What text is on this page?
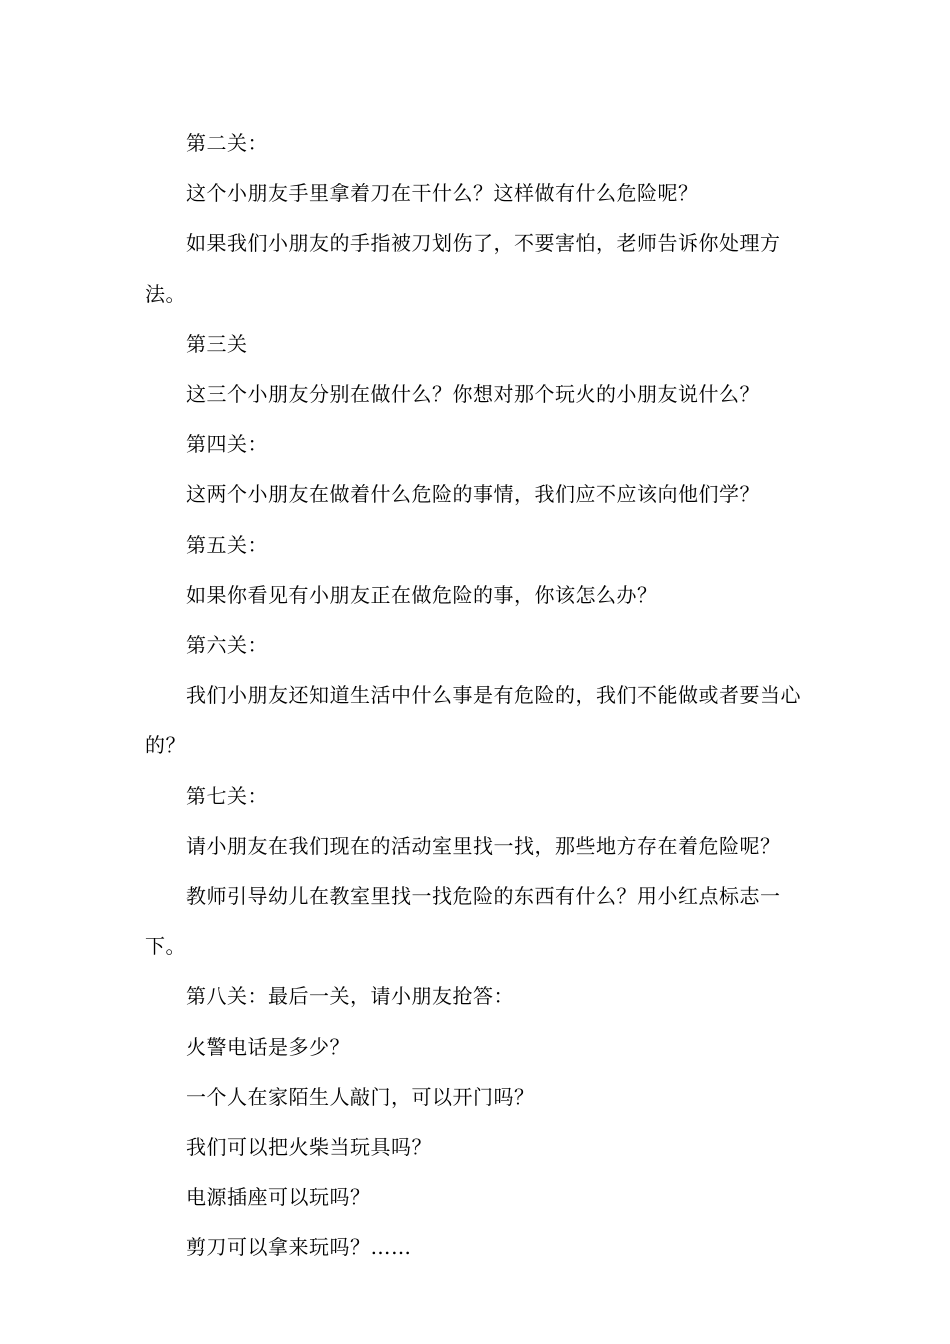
第二关：

这个小朋友手里拿着刀在干什么？这样做有什么危险呢？

如果我们小朋友的手指被刀划伤了，不要害怕，老师告诉你处理方法。

第三关

这三个小朋友分别在做什么？你想对那个玩火的小朋友说什么？

第四关：

这两个小朋友在做着什么危险的事情，我们应不应该向他们学？

第五关：

如果你看见有小朋友正在做危险的事，你该怎么办？

第六关：

我们小朋友还知道生活中什么事是有危险的，我们不能做或者要当心的？

第七关：

请小朋友在我们现在的活动室里找一找，那些地方存在着危险呢？

教师引导幼儿在教室里找一找危险的东西有什么？用小红点标志一下。

第八关：最后一关，请小朋友抢答：

火警电话是多少？

一个人在家陌生人敲门，可以开门吗？

我们可以把火柴当玩具吗？

电源插座可以玩吗？

剪刀可以拿来玩吗？……
